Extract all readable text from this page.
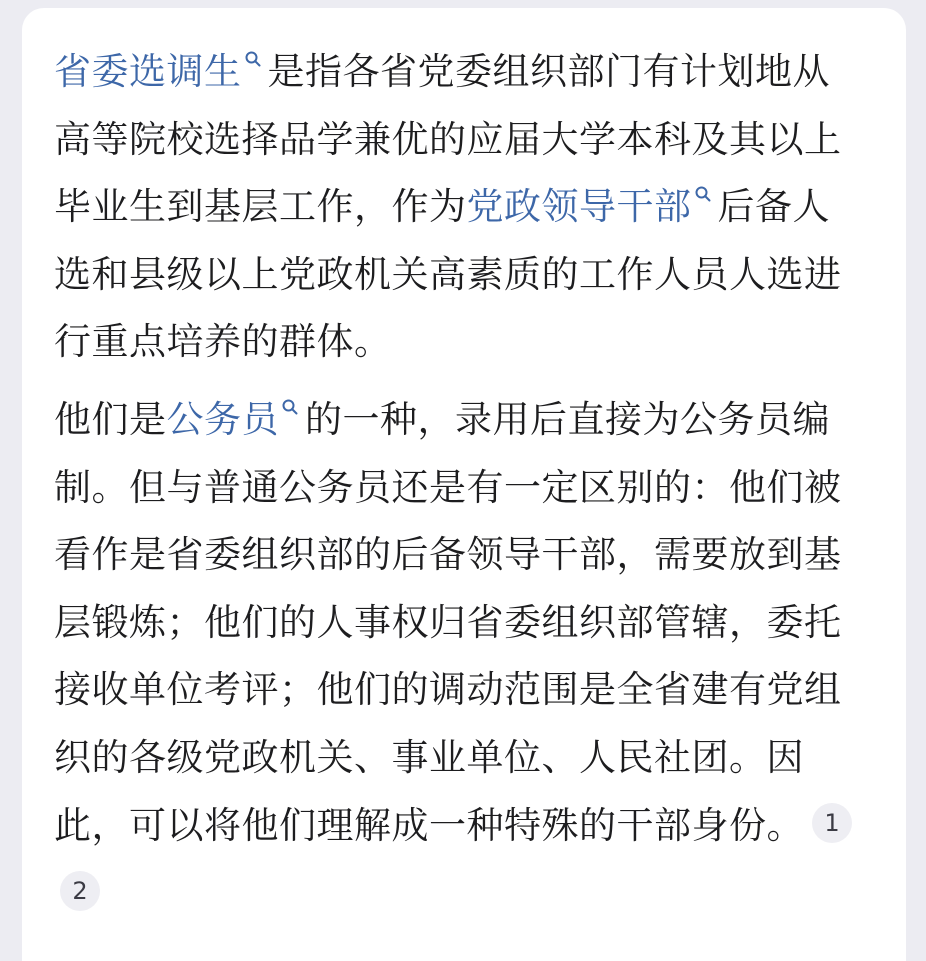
省委选调生 是指各省党委组织部门有计划地从高等院校选择品学兼优的应届大学本科及其以上毕业生到基层工作，作为党政领导干部 后备人选和县级以上党政机关高素质的工作人员人选进行重点培养的群体。

他们是公务员 的一种，录用后直接为公务员编制。但与普通公务员还是有一定区别的：他们被看作是省委组织部的后备领导干部，需要放到基层锻炼；他们的人事权归省委组织部管辖，委托接收单位考评；他们的调动范围是全省建有党组织的各级党政机关、事业单位、人民社团。因此，可以将他们理解成一种特殊的干部身份。 12
